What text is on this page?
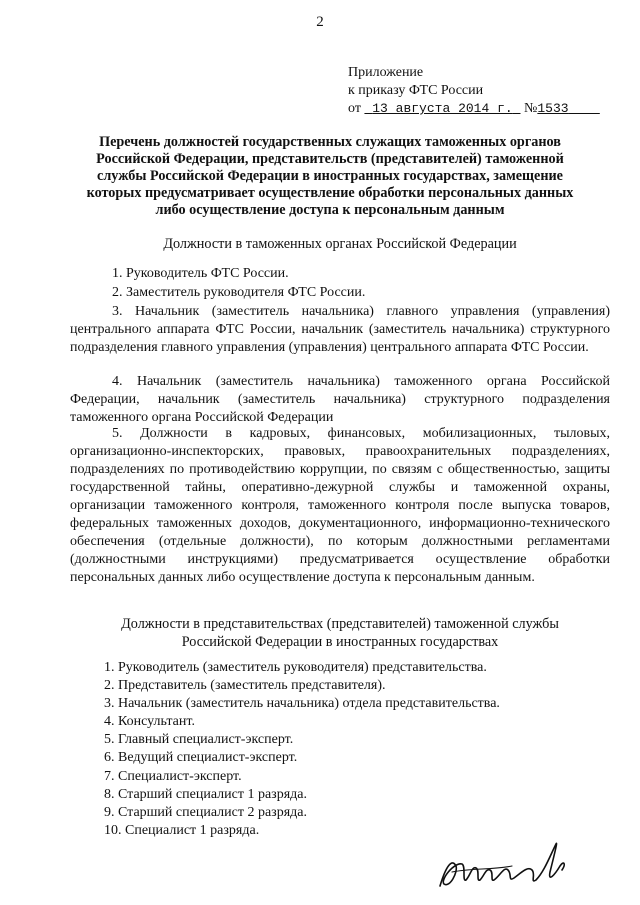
2
Приложение
к приказу ФТС России
от 13 августа 2014 г. №1533
Перечень должностей государственных служащих таможенных органов Российской Федерации, представительств (представителей) таможенной службы Российской Федерации в иностранных государствах, замещение которых предусматривает осуществление обработки персональных данных либо осуществление доступа к персональным данным
Должности в таможенных органах Российской Федерации
1. Руководитель ФТС России.
2. Заместитель руководителя ФТС России.
3. Начальник (заместитель начальника) главного управления (управления) центрального аппарата ФТС России, начальник (заместитель начальника) структурного подразделения главного управления (управления) центрального аппарата ФТС России.
4. Начальник (заместитель начальника) таможенного органа Российской Федерации, начальник (заместитель начальника) структурного подразделения таможенного органа Российской Федерации
5. Должности в кадровых, финансовых, мобилизационных, тыловых, организационно-инспекторских, правовых, правоохранительных подразделениях, подразделениях по противодействию коррупции, по связям с общественностью, защиты государственной тайны, оперативно-дежурной службы и таможенной охраны, организации таможенного контроля, таможенного контроля после выпуска товаров, федеральных таможенных доходов, документационного, информационно-технического обеспечения (отдельные должности), по которым должностными регламентами (должностными инструкциями) предусматривается осуществление обработки персональных данных либо осуществление доступа к персональным данным.
Должности в представительствах (представителей) таможенной службы
Российской Федерации в иностранных государствах
1. Руководитель (заместитель руководителя) представительства.
2. Представитель (заместитель представителя).
3. Начальник (заместитель начальника) отдела представительства.
4. Консультант.
5. Главный специалист-эксперт.
6. Ведущий специалист-эксперт.
7. Специалист-эксперт.
8. Старший специалист 1 разряда.
9. Старший специалист 2 разряда.
10. Специалист 1 разряда.
